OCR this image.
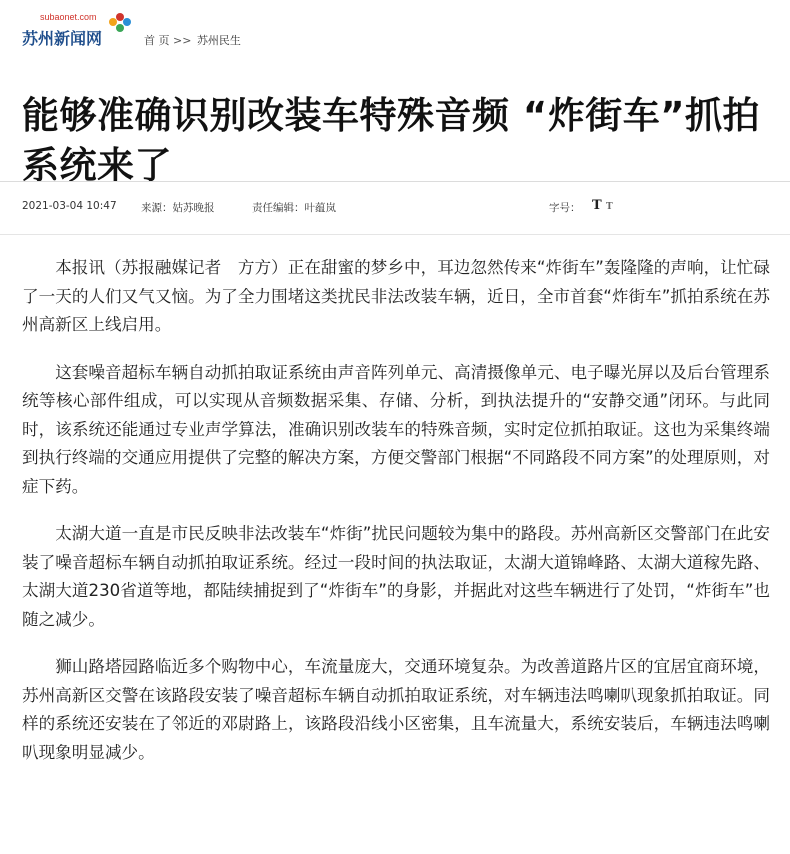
subaonet.com
苏州新闻网	首 页 >> 苏州民生
能够准确识别改装车特殊音频 “炸街车”抓拍系统来了
2021-03-04 10:47 来源：姑苏晚报	责任编辑：叶蕴岚	字号： T T

本报讯（苏报融媒记者　方方）正在甜蜜的梦乡中，耳边忽然传来“炸街车”轰隆隆的声响，让忙碌了一天的人们又气又恼。为了全力围堵这类扰民非法改装车辆，近日，全市首套“炸街车”抓拍系统在苏州高新区上线启用。

这套噪音超标车辆自动抓拍取证系统由声音阵列单元、高清摄像单元、电子曝光屏以及后台管理系统等核心部件组成，可以实现从音频数据采集、存储、分析，到执法提升的“安静交通”闭环。与此同时，该系统还能通过专业声学算法，准确识别改装车的特殊音频，实时定位抓拍取证。这也为采集终端到执行终端的交通应用提供了完整的解决方案，方便交警部门根据“不同路段不同方案”的处理原则，对症下药。

太湖大道一直是市民反映非法改装车“炸街”扰民问题较为集中的路段。苏州高新区交警部门在此安装了噪音超标车辆自动抓拍取证系统。经过一段时间的执法取证，太湖大道锦峰路、太湖大道稼先路、太湖大道230省道等地，都陆续捕捉到了“炸街车”的身影，并据此对这些车辆进行了处罚，“炸街车”也随之减少。

狮山路塔园路临近多个购物中心，车流量庞大，交通环境复杂。为改善道路片区的宜居宜商环境，苏州高新区交警在该路段安装了噪音超标车辆自动抓拍取证系统，对车辆违法鸣喇叭现象抓拍取证。同样的系统还安装在了邻近的邓尉路上，该路段沿线小区密集，且车流量大，系统安装后，车辆违法鸣喇叭现象明显减少。
